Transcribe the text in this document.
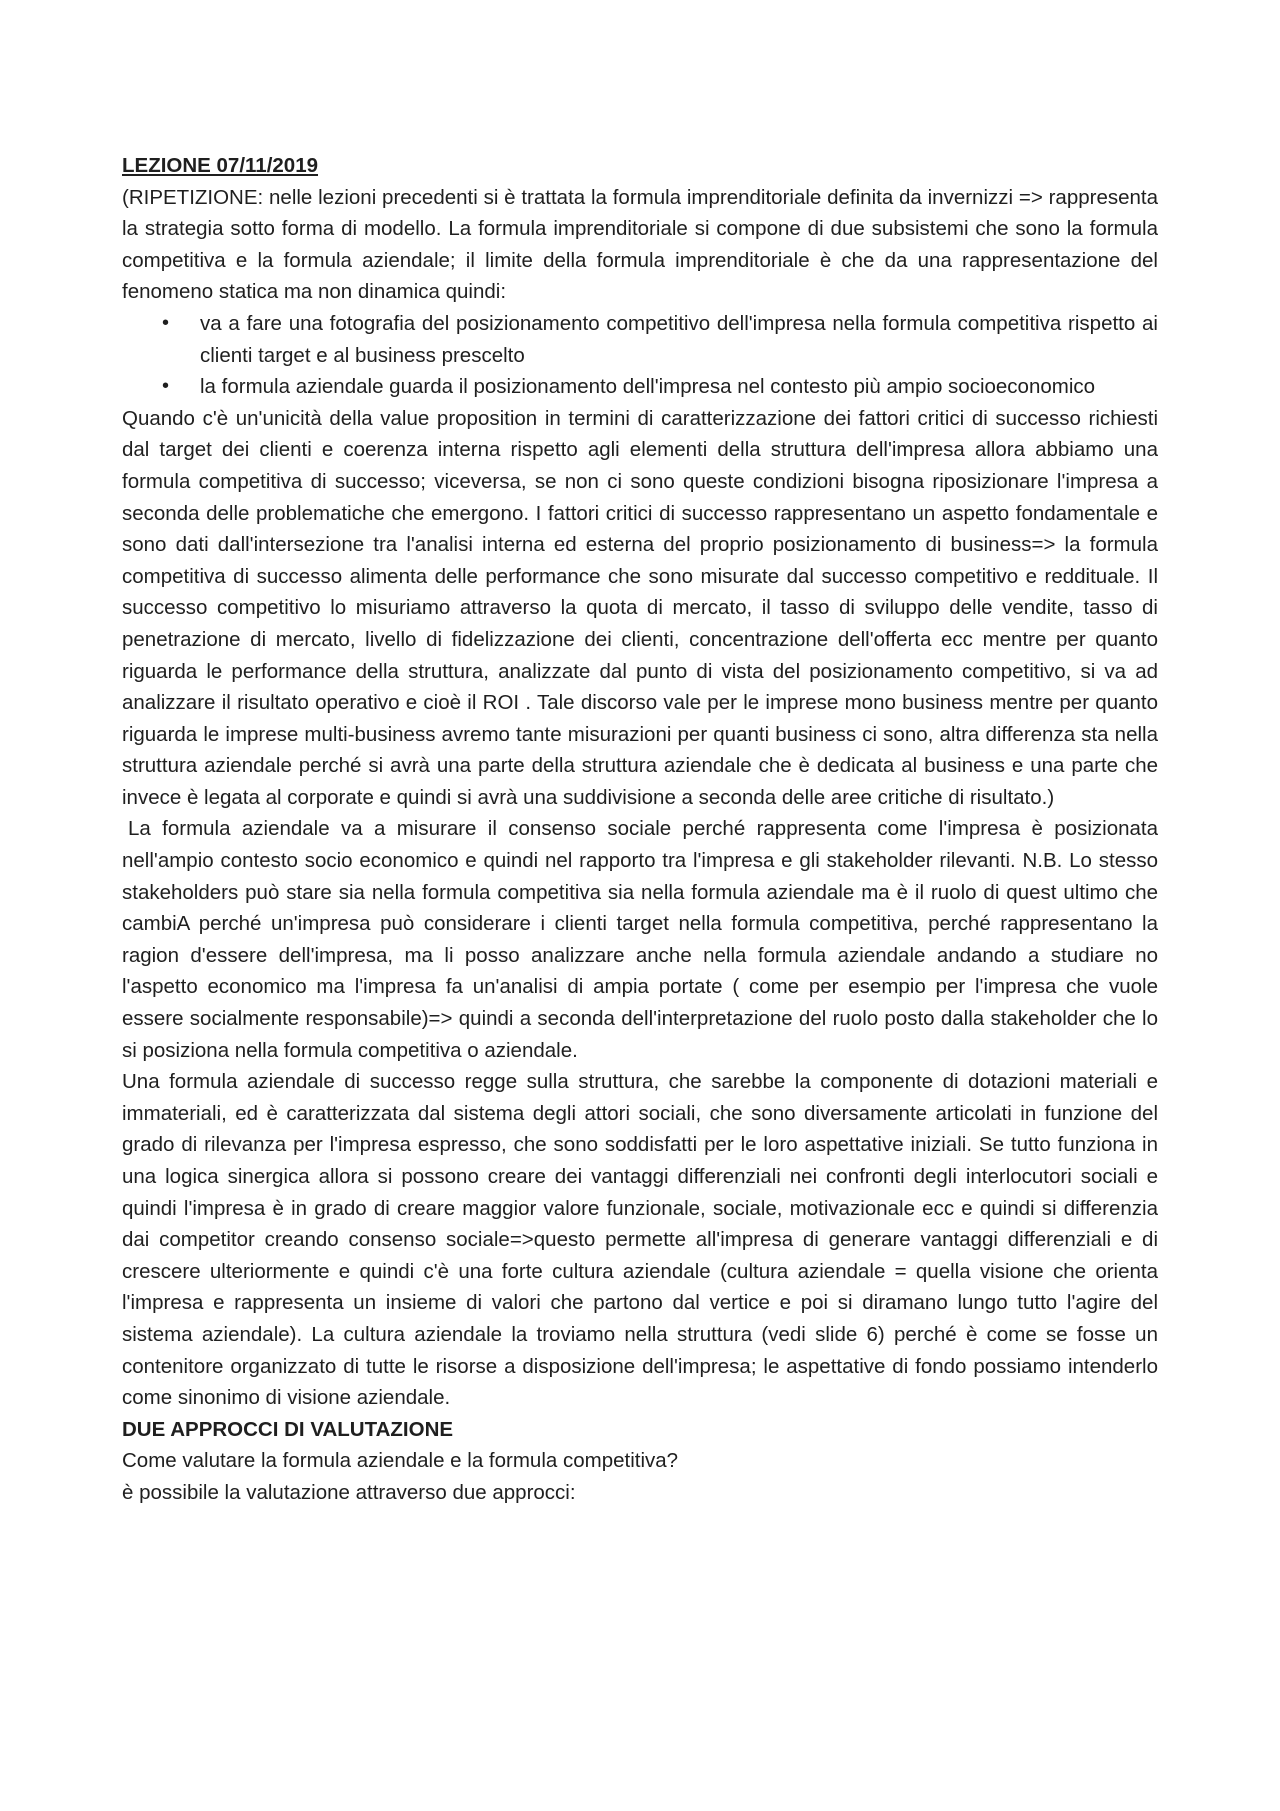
LEZIONE 07/11/2019

(RIPETIZIONE: nelle lezioni precedenti si è trattata la formula imprenditoriale definita da invernizzi => rappresenta la strategia sotto forma di modello. La formula imprenditoriale si compone di due subsistemi che sono la formula competitiva e la formula aziendale; il limite della formula imprenditoriale è che da una rappresentazione del fenomeno statica ma non dinamica quindi:

• va a fare una fotografia del posizionamento competitivo dell'impresa nella formula competitiva rispetto ai clienti target e al business prescelto
• la formula aziendale guarda il posizionamento dell'impresa nel contesto più ampio socioeconomico

Quando c'è un'unicità della value proposition in termini di caratterizzazione dei fattori critici di successo richiesti dal target dei clienti e coerenza interna rispetto agli elementi della struttura dell'impresa allora abbiamo una formula competitiva di successo; viceversa, se non ci sono queste condizioni bisogna riposizionare l'impresa a seconda delle problematiche che emergono. I fattori critici di successo rappresentano un aspetto fondamentale e sono dati dall'intersezione tra l'analisi interna ed esterna del proprio posizionamento di business=> la formula competitiva di successo alimenta delle performance che sono misurate dal successo competitivo e reddituale. Il successo competitivo lo misuriamo attraverso la quota di mercato, il tasso di sviluppo delle vendite, tasso di penetrazione di mercato, livello di fidelizzazione dei clienti, concentrazione dell'offerta ecc mentre per quanto riguarda le performance della struttura, analizzate dal punto di vista del posizionamento competitivo, si va ad analizzare il risultato operativo e cioè il ROI . Tale discorso vale per le imprese mono business mentre per quanto riguarda le imprese multi-business avremo tante misurazioni per quanti business ci sono, altra differenza sta nella struttura aziendale perché si avrà una parte della struttura aziendale che è dedicata al business e una parte che invece è legata al corporate e quindi si avrà una suddivisione a seconda delle aree critiche di risultato.)

La formula aziendale va a misurare il consenso sociale perché rappresenta come l'impresa è posizionata nell'ampio contesto socio economico e quindi nel rapporto tra l'impresa e gli stakeholder rilevanti. N.B. Lo stesso stakeholders può stare sia nella formula competitiva sia nella formula aziendale ma è il ruolo di quest ultimo che cambiA perché un'impresa può considerare i clienti target nella formula competitiva, perché rappresentano la ragion d'essere dell'impresa, ma li posso analizzare anche nella formula aziendale andando a studiare no l'aspetto economico ma l'impresa fa un'analisi di ampia portate ( come per esempio per l'impresa che vuole essere socialmente responsabile)=> quindi a seconda dell'interpretazione del ruolo posto dalla stakeholder che lo si posiziona nella formula competitiva o aziendale.

Una formula aziendale di successo regge sulla struttura, che sarebbe la componente di dotazioni materiali e immateriali, ed è caratterizzata dal sistema degli attori sociali, che sono diversamente articolati in funzione del grado di rilevanza per l'impresa espresso, che sono soddisfatti per le loro aspettative iniziali. Se tutto funziona in una logica sinergica allora si possono creare dei vantaggi differenziali nei confronti degli interlocutori sociali e quindi l'impresa è in grado di creare maggior valore funzionale, sociale, motivazionale ecc e quindi si differenzia dai competitor creando consenso sociale=>questo permette all'impresa di generare vantaggi differenziali e di crescere ulteriormente e quindi c'è una forte cultura aziendale (cultura aziendale = quella visione che orienta l'impresa e rappresenta un insieme di valori che partono dal vertice e poi si diramano lungo tutto l'agire del sistema aziendale). La cultura aziendale la troviamo nella struttura (vedi slide 6) perché è come se fosse un contenitore organizzato di tutte le risorse a disposizione dell'impresa; le aspettative di fondo possiamo intenderlo come sinonimo di visione aziendale.

DUE APPROCCI DI VALUTAZIONE

Come valutare la formula aziendale e la formula competitiva?

è possibile la valutazione attraverso due approcci:
